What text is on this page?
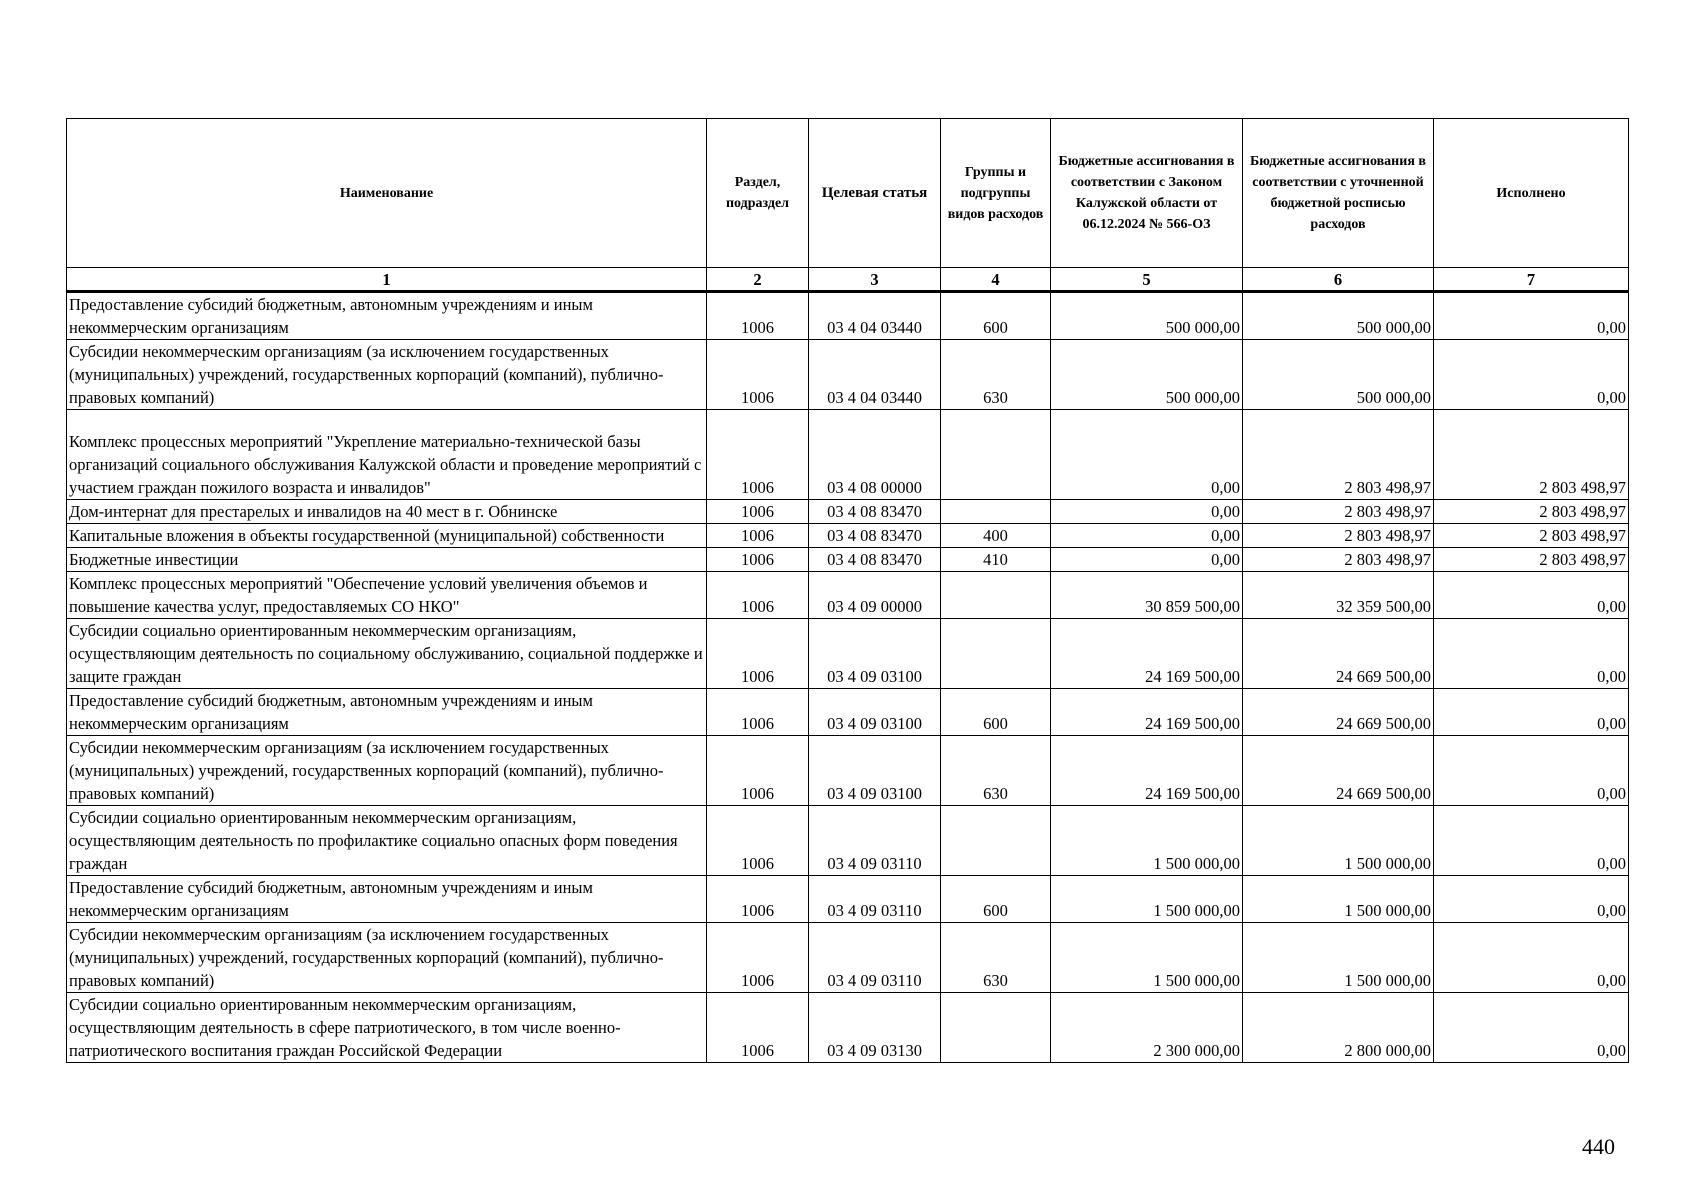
Наименование	Раздел, подраздел	Целевая статья	Группы и подгруппы видов расходов	Бюджетные ассигнования в соответствии с Законом Калужской области от 06.12.2024 № 566-ОЗ	Бюджетные ассигнования в соответствии с уточненной бюджетной росписью расходов	Исполнено
1	2	3	4	5	6	7
Предоставление субсидий бюджетным, автономным учреждениям и иным некоммерческим организациям	1006	03 4 04 03440	600	500 000,00	500 000,00	0,00
Субсидии некоммерческим организациям (за исключением государственных (муниципальных) учреждений, государственных корпораций (компаний), публично-правовых компаний)	1006	03 4 04 03440	630	500 000,00	500 000,00	0,00
Комплекс процессных мероприятий "Укрепление материально-технической базы организаций социального обслуживания Калужской области и проведение мероприятий с участием граждан пожилого возраста и инвалидов"	1006	03 4 08 00000		0,00	2 803 498,97	2 803 498,97
Дом-интернат для престарелых и инвалидов на 40 мест в г. Обнинске	1006	03 4 08 83470		0,00	2 803 498,97	2 803 498,97
Капитальные вложения в объекты государственной (муниципальной) собственности	1006	03 4 08 83470	400	0,00	2 803 498,97	2 803 498,97
Бюджетные инвестиции	1006	03 4 08 83470	410	0,00	2 803 498,97	2 803 498,97
Комплекс процессных мероприятий "Обеспечение условий увеличения объемов и повышение качества услуг, предоставляемых СО НКО"	1006	03 4 09 00000		30 859 500,00	32 359 500,00	0,00
Субсидии социально ориентированным некоммерческим организациям, осуществляющим деятельность по социальному обслуживанию, социальной поддержке и защите граждан	1006	03 4 09 03100		24 169 500,00	24 669 500,00	0,00
Предоставление субсидий бюджетным, автономным учреждениям и иным некоммерческим организациям	1006	03 4 09 03100	600	24 169 500,00	24 669 500,00	0,00
Субсидии некоммерческим организациям (за исключением государственных (муниципальных) учреждений, государственных корпораций (компаний), публично-правовых компаний)	1006	03 4 09 03100	630	24 169 500,00	24 669 500,00	0,00
Субсидии социально ориентированным некоммерческим организациям, осуществляющим деятельность по профилактике социально опасных форм поведения граждан	1006	03 4 09 03110		1 500 000,00	1 500 000,00	0,00
Предоставление субсидий бюджетным, автономным учреждениям и иным некоммерческим организациям	1006	03 4 09 03110	600	1 500 000,00	1 500 000,00	0,00
Субсидии некоммерческим организациям (за исключением государственных (муниципальных) учреждений, государственных корпораций (компаний), публично-правовых компаний)	1006	03 4 09 03110	630	1 500 000,00	1 500 000,00	0,00
Субсидии социально ориентированным некоммерческим организациям, осуществляющим деятельность в сфере патриотического, в том числе военно-патриотического воспитания граждан Российской Федерации	1006	03 4 09 03130		2 300 000,00	2 800 000,00	0,00
440
